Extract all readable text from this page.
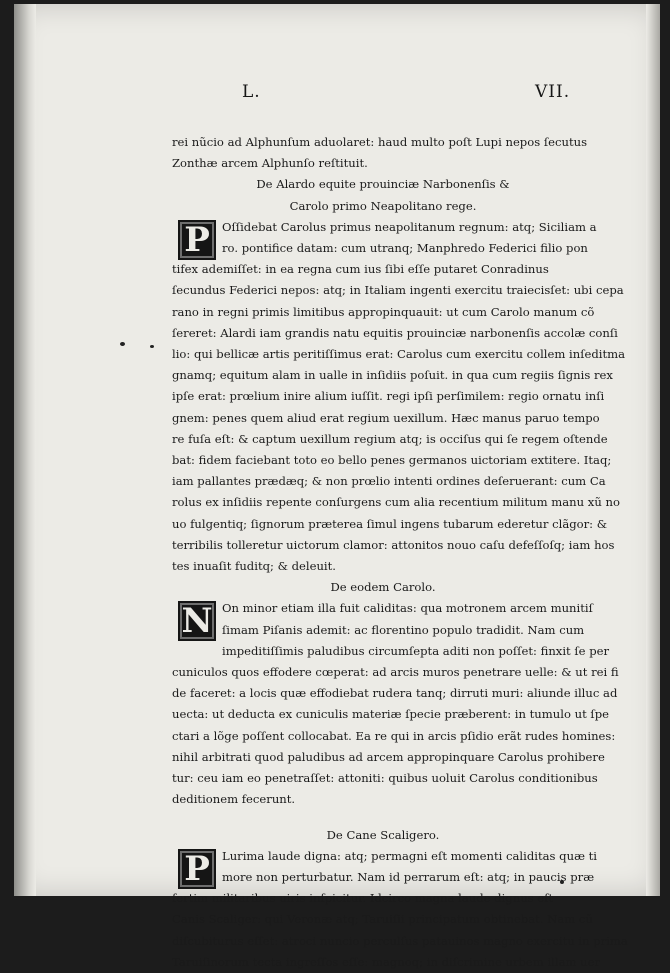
L.	VII.
rei nũcio ad Alphunſum aduolaret: haud multo poſt Lupi nepos ſecutus
Zonthæ arcem Alphunſo reſtituit.
De Alardo equite prouinciæ Narbonenſis &
Carolo primo Neapolitano rege.
P	Oſſidebat Carolus primus neapolitanum regnum: atq; Siciliam a
ro. pontifice datam: cum utranq; Manphredo Federici filio pon
tifex ademiſſet: in ea regna cum ius ſibi eſſe putaret Conradinus
ſecundus Federici nepos: atq; in Italiam ingenti exercitu traiecisſet: ubi cepa
rano in regni primis limitibus appropinquauit: ut cum Carolo manum cõ
ſereret: Alardi iam grandis natu equitis prouinciæ narbonenſis accolæ conſi
lio: qui bellicæ artis peritiſſimus erat: Carolus cum exercitu collem inſeditma
gnamq; equitum alam in ualle in inſidiis poſuit. in qua cum regiis ſignis rex
ipſe erat: prœlium inire alium iuſſit. regi ipſi perſimilem: regio ornatu inſi
gnem: penes quem aliud erat regium uexillum. Hæc manus paruo tempo
re fuſa eſt: & captum uexillum regium atq; is occiſus qui ſe regem oſtende
bat: fidem faciebant toto eo bello penes germanos uictoriam extitere. Itaq;
iam pallantes prædæq; & non prœlio intenti ordines deſeruerant: cum Ca
rolus ex inſidiis repente conſurgens cum alia recentium militum manu xũ no
uo fulgentiq; ſignorum præterea ſimul ingens tubarum ederetur clãgor: &
terribilis tolleretur uictorum clamor: attonitos nouo caſu defeſſoſq; iam hos
tes inuaſit fuditq; & deleuit.
De eodem Carolo.
N On minor etiam illa fuit caliditas: qua motronem arcem munitiſ
ſimam Piſanis ademit: ac florentino populo tradidit. Nam cum
impeditiſſimis paludibus circumſepta aditi non poſſet: finxit ſe per
cuniculos quos effodere cœperat: ad arcis muros penetrare uelle: & ut rei fi
de faceret: a locis quæ effodiebat rudera tanq; dirruti muri: aliunde illuc ad
uecta: ut deducta ex cuniculis materiæ ſpecie præberent: in tumulo ut ſpe
ctari a lõge poſſent collocabat. Ea re qui in arcis pſidio erãt rudes homines:
nihil arbitrati quod paludibus ad arcem appropinquare Carolus prohibere
tur: ceu iam eo penetraſſet: attoniti: quibus uoluit Carolus conditionibus
deditionem fecerunt.
De Cane Scaligero.
P	Lurima laude digna: atq; permagni eſt momenti caliditas quæ ti
more non perturbatur. Nam id perrarum eſt: atq; in paucis præ
ſertim militaribus uiris inſpicitur. Idcirco magna laude dignus eſt
Canis Scaliger: qui Veronæ atq; Taruiſii principatum obtinebat. Nam cũ
diſcubiturus eſſet: atroci nuncio perculſus patauinos magno exercitu in prima
Taruiſinorum tecta ingreſſos eſſe: magnoq; in diſcrimine urbem illam uer
